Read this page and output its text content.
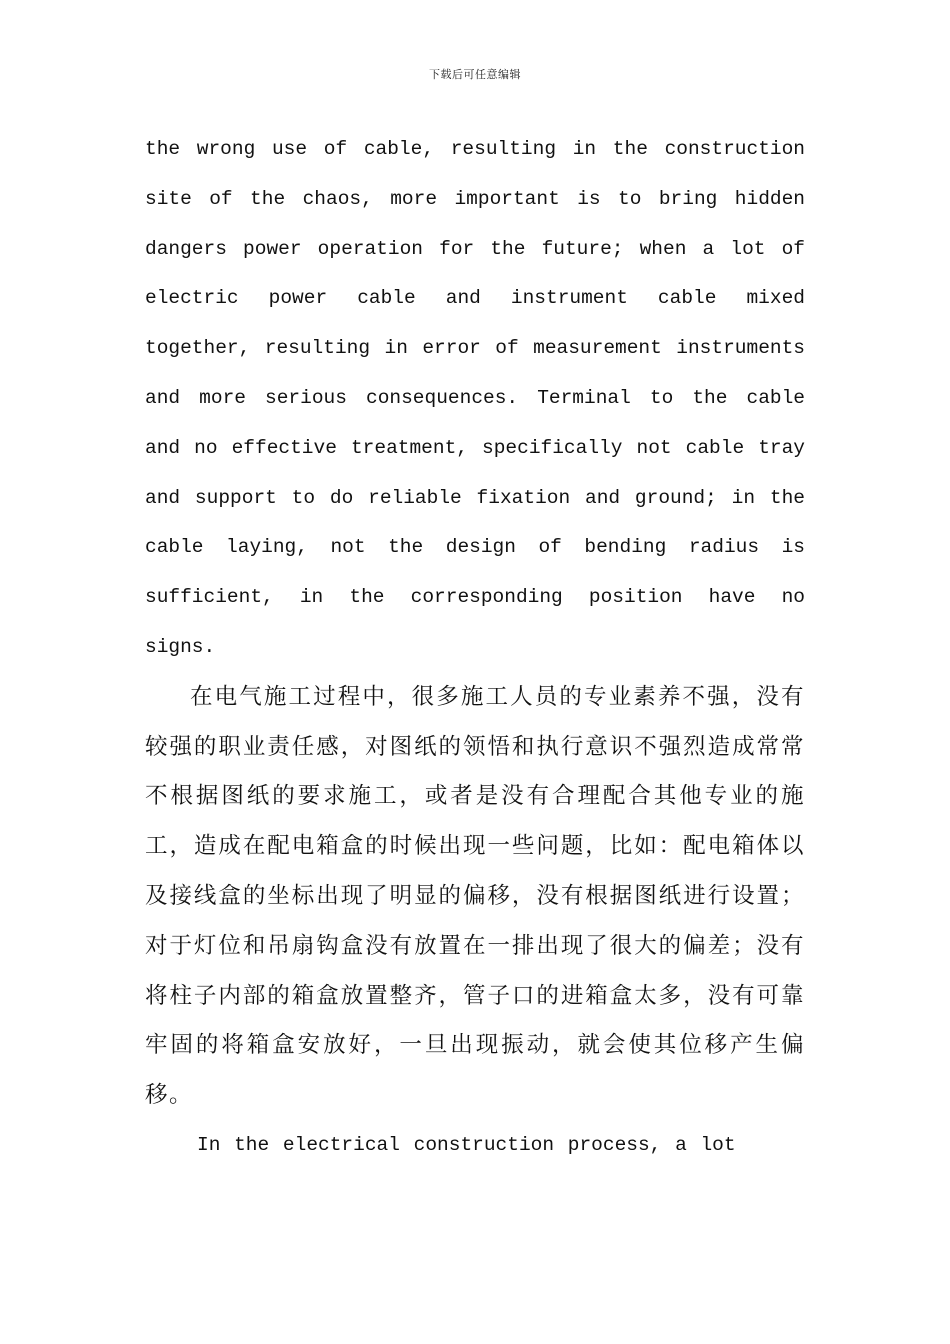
下载后可任意编辑

the wrong use of cable, resulting in the construction site of the chaos, more important is to bring hidden dangers power operation for the future; when a lot of electric power cable and instrument cable mixed together, resulting in error of measurement instruments and more serious consequences. Terminal to the cable and no effective treatment, specifically not cable tray and support to do reliable fixation and ground; in the cable laying, not the design of bending radius is sufficient, in the corresponding position have no signs.

在电气施工过程中，很多施工人员的专业素养不强，没有较强的职业责任感，对图纸的领悟和执行意识不强烈造成常常不根据图纸的要求施工，或者是没有合理配合其他专业的施工，造成在配电箱盒的时候出现一些问题，比如：配电箱体以及接线盒的坐标出现了明显的偏移，没有根据图纸进行设置；对于灯位和吊扇钩盒没有放置在一排出现了很大的偏差；没有将柱子内部的箱盒放置整齐，管子口的进箱盒太多，没有可靠牢固的将箱盒安放好，一旦出现振动，就会使其位移产生偏移。

In the electrical construction process, a lot
